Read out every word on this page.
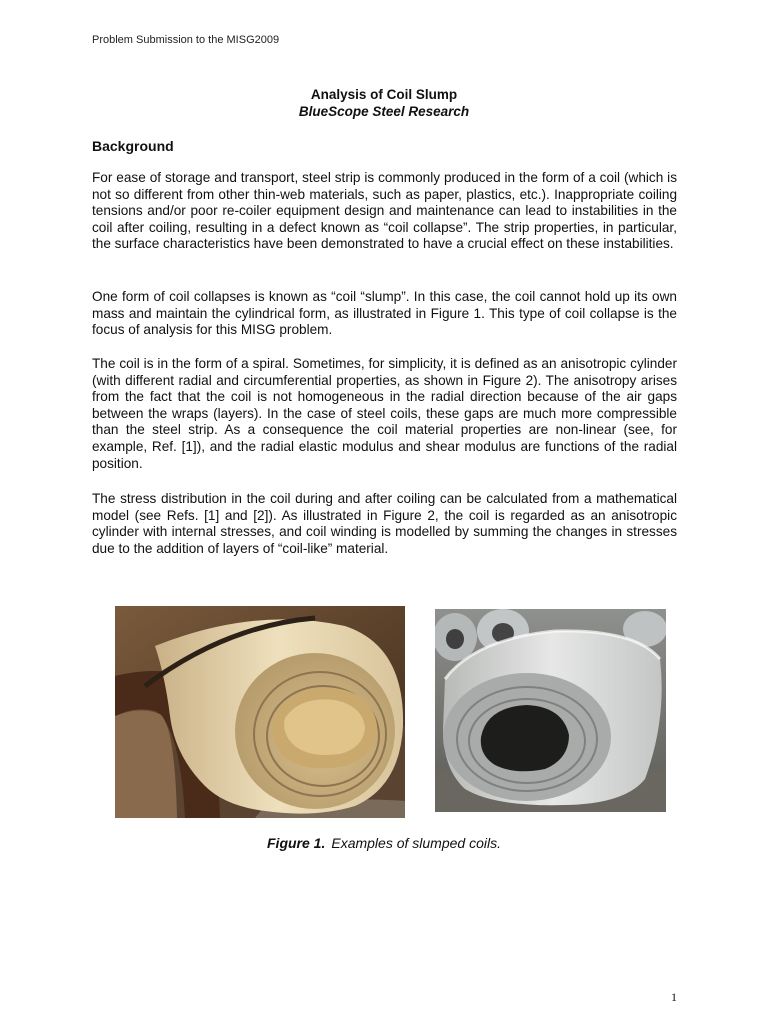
Problem Submission to the MISG2009
Analysis of Coil Slump
BlueScope Steel Research
Background

For ease of storage and transport, steel strip is commonly produced in the form of a coil (which is not so different from other thin-web materials, such as paper, plastics, etc.). Inappropriate coiling tensions and/or poor re-coiler equipment design and maintenance can lead to instabilities in the coil after coiling, resulting in a defect known as “coil collapse”. The strip properties, in particular, the surface characteristics have been demonstrated to have a crucial effect on these instabilities.

One form of coil collapses is known as “coil “slump”. In this case, the coil cannot hold up its own mass and maintain the cylindrical form, as illustrated in Figure 1. This type of coil collapse is the focus of analysis for this MISG problem.

The coil is in the form of a spiral. Sometimes, for simplicity, it is defined as an anisotropic cylinder (with different radial and circumferential properties, as shown in Figure 2). The anisotropy arises from the fact that the coil is not homogeneous in the radial direction because of the air gaps between the wraps (layers). In the case of steel coils, these gaps are much more compressible than the steel strip. As a consequence the coil material properties are non-linear (see, for example, Ref. [1]), and the radial elastic modulus and shear modulus are functions of the radial position.

The stress distribution in the coil during and after coiling can be calculated from a mathematical model (see Refs. [1] and [2]). As illustrated in Figure 2, the coil is regarded as an anisotropic cylinder with internal stresses, and coil winding is modelled by summing the changes in stresses due to the addition of layers of “coil-like” material.

Figure 1. Examples of slumped coils.
1
